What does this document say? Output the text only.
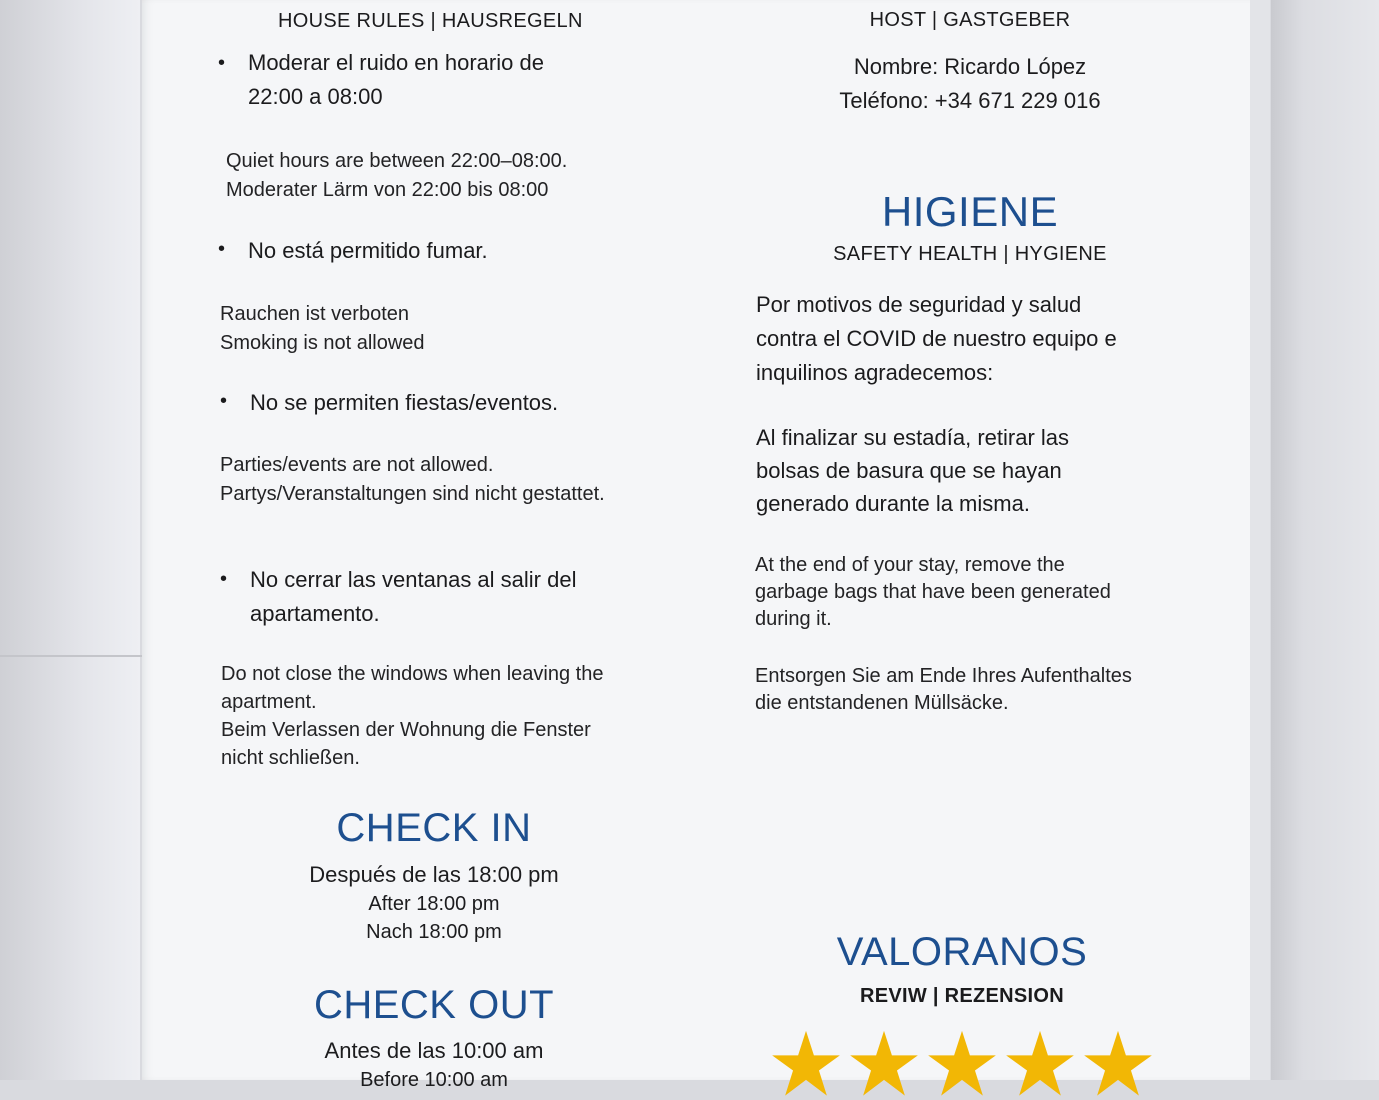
HOUSE RULES | HAUSREGELN
• Moderar el ruido en horario de
22:00 a 08:00
Quiet hours are between 22:00–08:00.
Moderater Lärm von 22:00 bis 08:00
• No está permitido fumar.
Rauchen ist verboten
Smoking is not allowed
• No se permiten fiestas/eventos.
Parties/events are not allowed.
Partys/Veranstaltungen sind nicht gestattet.
• No cerrar las ventanas al salir del
apartamento.
Do not close the windows when leaving the
apartment.
Beim Verlassen der Wohnung die Fenster
nicht schließen.
CHECK IN
Después de las 18:00 pm
After 18:00 pm
Nach 18:00 pm
CHECK OUT
Antes de las 10:00 am
Before 10:00 am
HOST | GASTGEBER
Nombre: Ricardo López
Teléfono: +34 671 229 016
HIGIENE
SAFETY HEALTH | HYGIENE
Por motivos de seguridad y salud
contra el COVID de nuestro equipo e
inquilinos agradecemos:
Al finalizar su estadía, retirar las
bolsas de basura que se hayan
generado durante la misma.
At the end of your stay, remove the
garbage bags that have been generated
during it.
Entsorgen Sie am Ende Ihres Aufenthaltes
die entstandenen Müllsäcke.
VALORANOS
REVIW | REZENSION
